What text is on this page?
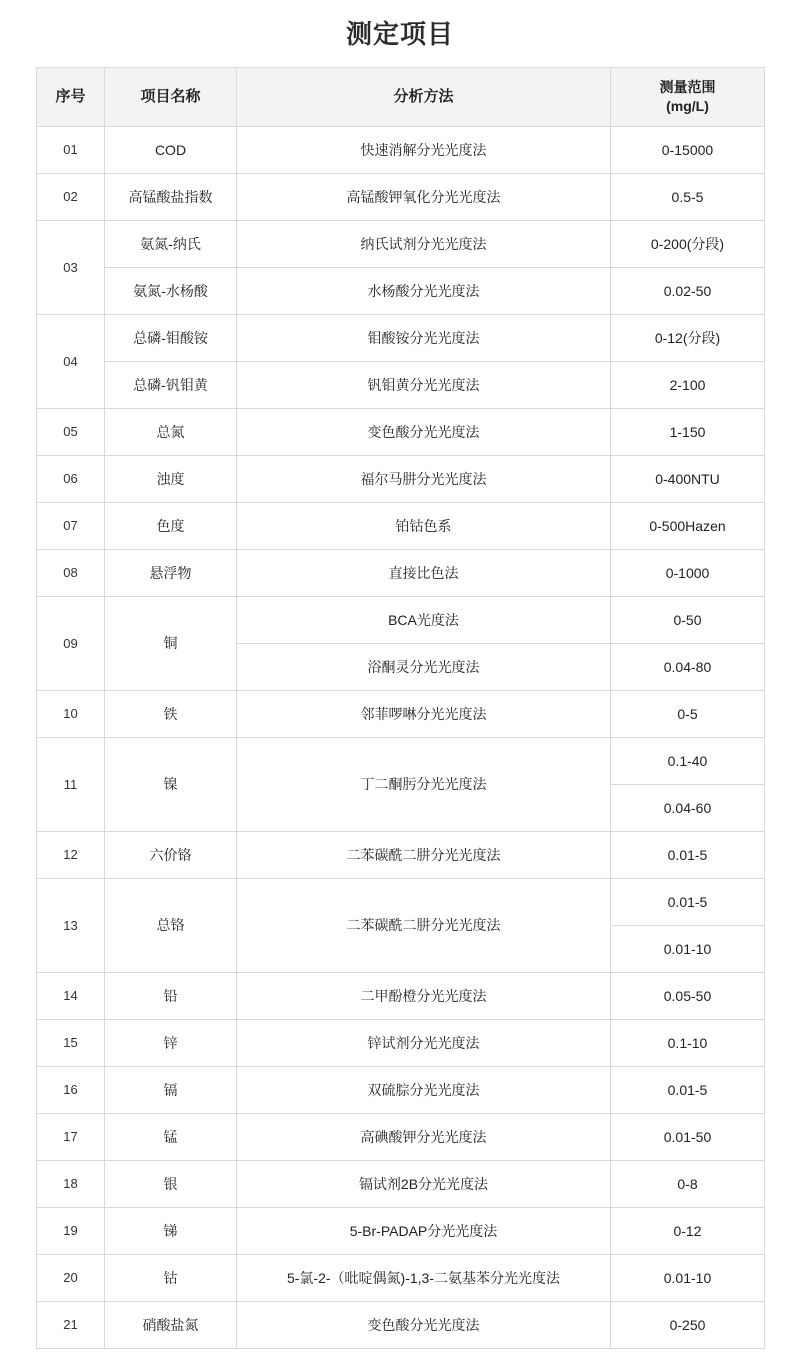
测定项目
序号	项目名称	分析方法	测量范围
(mg/L)

01	COD	快速消解分光光度法	0-15000
02	高锰酸盐指数	高锰酸钾氧化分光光度法	0.5-5
03	氨氮-纳氏	纳氏试剂分光光度法	0-200(分段)
	氨氮-水杨酸	水杨酸分光光度法	0.02-50
04	总磷-钼酸铵	钼酸铵分光光度法	0-12(分段)
	总磷-钒钼黄	钒钼黄分光光度法	2-100
05	总氮	变色酸分光光度法	1-150
06	浊度	福尔马肼分光光度法	0-400NTU
07	色度	铂钴色系	0-500Hazen
08	悬浮物	直接比色法	0-1000
09	铜	BCA光度法	0-50
		浴酮灵分光光度法	0.04-80
10	铁	邻菲啰啉分光光度法	0-5
11	镍	丁二酮肟分光光度法	0.1-40
			0.04-60
12	六价铬	二苯碳酰二肼分光光度法	0.01-5
13	总铬	二苯碳酰二肼分光光度法	0.01-5
			0.01-10
14	铅	二甲酚橙分光光度法	0.05-50
15	锌	锌试剂分光光度法	0.1-10
16	镉	双硫腙分光光度法	0.01-5
17	锰	高碘酸钾分光光度法	0.01-50
18	银	镉试剂2B分光光度法	0-8
19	锑	5-Br-PADAP分光光度法	0-12
20	钴	5-氯-2-（吡啶偶氮)-1,3-二氨基苯分光光度法	0.01-10
21	硝酸盐氮	变色酸分光光度法	0-250
